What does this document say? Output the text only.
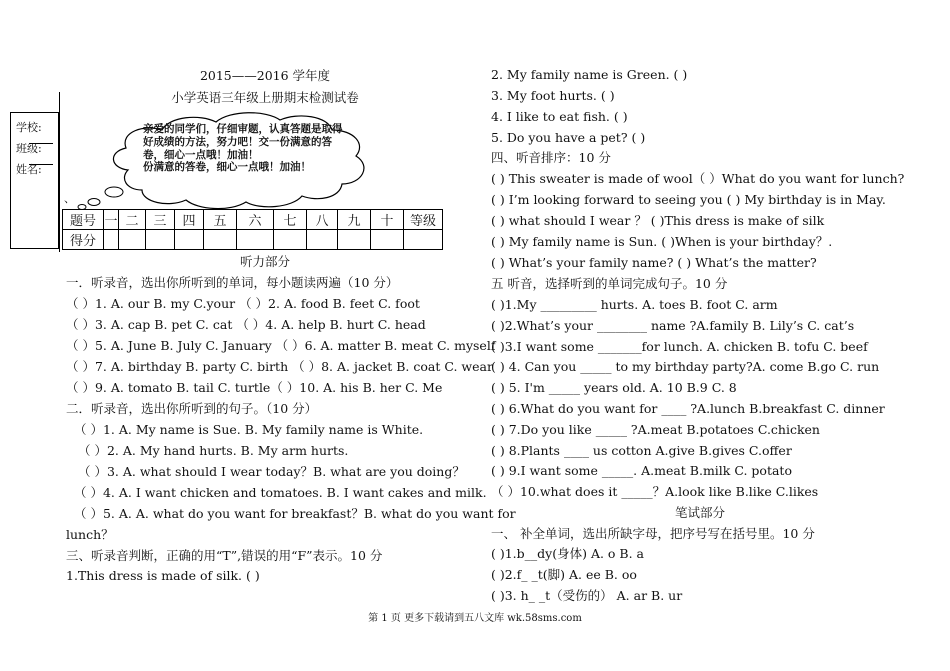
2015——2016 学年度
小学英语三年级上册期末检测试卷
学校:
班级:
姓名:
亲爱的同学们，仔细审题，认真答题是取得
好成绩的方法，努力吧！交一份满意的答
卷，细心一点哦！加油！
份满意的答卷，细心一点哦！加油！
、
题号	一	二	三	四	五	六	七	八	九	十	等级
得分											
听力部分
一．听录音，选出你所听到的单词，每小题读两遍（10 分）
（ ）1. A. our B. my C.your （ ）2. A. food B. feet C. foot
（ ）3. A. cap B. pet C. cat （ ）4. A. help B. hurt C. head
（ ）5. A. June B. July C. January （ ）6. A. matter B. meat C. myself
（ ）7. A. birthday B. party C. birth （ ）8. A. jacket B. coat C. wear
（ ）9. A. tomato B. tail C. turtle（ ）10. A. his B. her C. Me
二．听录音，选出你所听到的句子。（10 分）
（ ）1. A. My name is Sue. B. My family name is White.
（ ）2. A. My hand hurts. B. My arm hurts.
（ ）3. A. what should I wear today？B. what are you doing？
（ ）4. A. I want chicken and tomatoes. B. I want cakes and milk.
（ ）5. A. A. what do you want for breakfast？B. what do you want for
lunch？
三、听录音判断，正确的用“T”,错误的用“F”表示。10 分
1.This dress is made of silk. ( )
2. My family name is Green. ( )
3. My foot hurts. ( )
4. I like to eat fish. ( )
5. Do you have a pet? ( )
四、听音排序：10 分
( ) This sweater is made of wool（ ）What do you want for lunch?
( ) I’m looking forward to seeing you ( ) My birthday is in May.
( ) what should I wear ？ ( )This dress is make of silk
( ) My family name is Sun. ( )When is your birthday？.
( ) What’s your family name? ( ) What’s the matter?
五 听音，选择听到的单词完成句子。10 分
( )1.My _________ hurts. A. toes B. foot C. arm
( )2.What’s your ________ name ?A.family B. Lily’s C. cat’s
( )3.I want some _______for lunch. A. chicken B. tofu C. beef
( ) 4. Can you _____ to my birthday party?A. come B.go C. run
( ) 5. I'm _____ years old. A. 10 B.9 C. 8
( ) 6.What do you want for ____ ?A.lunch B.breakfast C. dinner
( ) 7.Do you like _____ ?A.meat B.potatoes C.chicken
( ) 8.Plants ____ us cotton A.give B.gives C.offer
( ) 9.I want some _____. A.meat B.milk C. potato
（ ）10.what does it _____？A.look like B.like C.likes
笔试部分
一、 补全单词，选出所缺字母，把序号写在括号里。10 分
( )1.b__dy(身体) A. o B. a
( )2.f_ _t(脚) A. ee B. oo
( )3. h_ _t（受伤的） A. ar B. ur
第 1 页 更多下载请到五八文库 wk.58sms.com
